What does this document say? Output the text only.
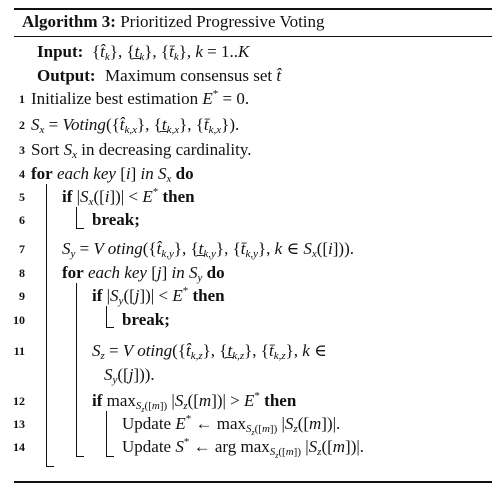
Algorithm 3: Prioritized Progressive Voting
Input: $\{t̂_k\}$, $\{t̲_k\}$, $\{t̄_k\}$, k = 1..K
Output: Maximum consensus set t̂
1 Initialize best estimation E* = 0.
2 $S_x$ = $Voting(\{t̂_{k,x}\}$, $\{t̲_{k,x}\}$, $\{t̄_{k,x}\}$).
3 Sort $S_x$ in decreasing cardinality.
4 for each key [i] in $S_x$ do
5 if $|S_x([i])| < E^*$ then
6	break;
7 $S_y = V$ $oting(\{t̂_{k,y}\}$, $\{t̲_{k,y}\}$, $\{t̄_{k,y}\}$, k ∈ $S_x([i])$).
8 for each key [j] in $S_y$ do
9	if $|S_y([j])| < E^*$ then
10	break;
11	$S_z = V$ $oting(\{t̂_{k,z}\}$, $\{t̲_{k,z}\}$, $\{t̄_{k,z}\}$, k ∈
$S_y([j])$).
12	if $\max_{S_z([m])} |S_z([m])| > E^*$ then
13	Update E* ← $\max_{S_z([m])} |S_z([m])|$.
14	Update S* ← arg $\max_{S_z([m])} |S_z([m])|$.
